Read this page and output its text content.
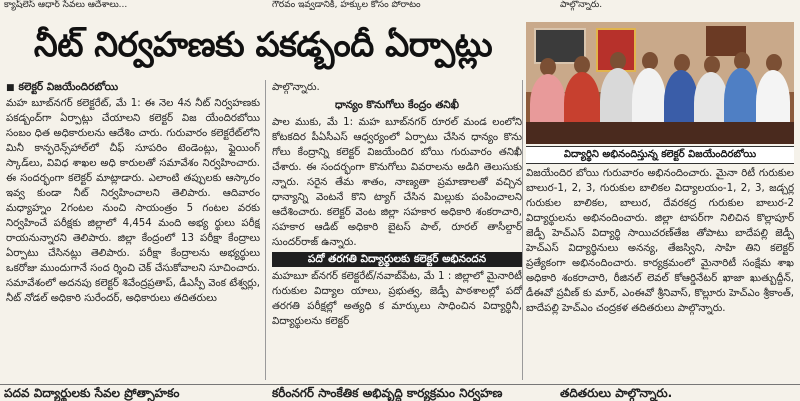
క్యాష్‌లెస్ ఆధార్ సేవలు ఆదేశాలు...	గౌరవం ఇవ్వడానికి, హక్కుల కోసం పోరాటం	పాల్గొన్నారు.
నీట్ నిర్వహణకు పకడ్బందీ ఏర్పాట్లు
■ కలెక్టర్ విజయేందిరబోయి
మహ బూబ్‌నగర్ కలెక్టరేట్, మే 1: ఈ నెల 4న నీట్ నిర్వహణకు పకడ్బంద్‌గా ఏర్పాట్లు చేయాలని కలెక్టర్ విజ యేందిరబోయి సంబం ధిత అధికారులను ఆదేశిం చారు. గురువారం కలెక్టరేట్‌లోని మినీ కాన్ఫరెన్స్‌హాల్‌లో చీఫ్ సూపరిం టెండెంట్లు, ఫ్లైయింగ్ స్కాడ్‌లు, వివిధ శాఖల అధి కారులతో సమావేశం నిర్వహించారు. ఈ సందర్భంగా కలెక్టర్ మాట్లాడారు. ఎలాంటి తప్పులకు ఆస్కారం ఇవ్వ కుండా నీట్ నిర్వహించాలని తెలిపారు. ఆదివారం మధ్యాహ్నం 2గంటల నుంచి సాయంత్రం 5 గంటల వరకు నిర్వహించే పరీక్షకు జిల్లాలో 4,454 మంది అభ్య ర్థులు పరీక్ష రాయనున్నారని తెలిపారు. జిల్లా కేంద్రంలో 13 పరీక్షా కేంద్రాలు ఏర్పాటు చేసినట్లు తెలిపారు. పరీక్షా కేంద్రాలను అభ్యర్థులు ఒకరోజు ముందుగానే సంద ర్శించి చెక్ చేసుకోవాలని సూచించారు. సమావేశంలో అదనపు కలెక్టర్ శివేంద్రప్రతాప్, డీఎస్పీ వెంక టేశ్వర్లు, నీట్ నోడల్ అధికారి సురేందర్, అధికారులు తదితరులు
పాల్గొన్నారు.
ధాన్యం కొనుగోలు కేంద్రం తనిఖీ
పాల ముకు, మే 1: మహ బూబ్‌నగర్ రూరల్ మండ లంలోని కోటకదిర పీఏసీఎస్ ఆధ్వర్యంలో ఏర్పాటు చేసిన ధాన్యం కొను గోలు కేంద్రాన్ని కలెక్టర్ విజయేందిర బోయి గురువారం తనిఖీ చేశారు. ఈ సందర్భంగా కొనుగోలు వివరాలను అడిగి తెలుసుకు న్నారు. సరైన తేమ శాతం, నాణ్యతా ప్రమాణాలతో వచ్చిన ధాన్యాన్ని వెంటనే కొని ట్యాగ్ చేసిన మిల్లుకు పంపించాలని ఆదేశించారు. కలెక్టర్ వెంట జిల్లా సహకార అధికారి శంకరాచారి, సహకార ఆడిట్ అధికారి బైటస్ పాల్, రూరల్ తాసీల్దార్ సుందర్‌రాజ్ ఉన్నారు.
పదో తరగతి విద్యార్థులకు కలెక్టర్ అభినందన
మహబూ బ్‌నగర్ కలెక్టరేట్/నవాబ్‌పేట, మే 1 : జిల్లాలో మైనారిటీ గురుకుల విద్యాల యాలు, ప్రభుత్వ, జెడ్పీ పాఠశాలల్లో పదో తరగతి పరీక్షల్లో అత్యధి క మార్కులు సాధించిన విద్యార్థినీ, విద్యార్థులను కలెక్టర్
విద్యార్థిని అభినందిస్తున్న కలెక్టర్ విజయేందిరబోయి
విజయేందిర బోయి గురువారం అభినందించారు. మైనా రిటీ గురుకుల బాలుర-1, 2, 3, గురుకుల బాలికల విద్యాలయం-1, 2, 3, జడ్చర్ల గురుకుల బాలికల, బాలుర, దేవరకద్ర గురుకుల బాలుర-2 విద్యార్థులను అభినందించారు. జిల్లా టాపర్‌గా నిలిచిన కొల్లాపూర్ జెడ్పీ హెచ్‌ఎస్ విద్యార్థి సాయిచరణ్‌తేజ తోపాటు బాదేపల్లి జెడ్పీ హెచ్‌ఎస్ విద్యార్థినులు అనన్య, తేజస్విని, సాహి తిని కలెక్టర్ ప్రత్యేకంగా అభినందించారు. కార్యక్రమంలో మైనారిటీ సంక్షేమ శాఖ అధికారి శంకరాచారి, రీజినల్ లెవల్ కోఆర్డినేటర్ ఖాజా ఖుత్బుద్దీన్, డీఈవో ప్రవీణ్ కు మార్, ఎంఈవో శ్రీనివాస్, కొల్లూరు హెచ్‌ఎం శ్రీకాంత్, బాదేపల్లి హెచ్‌ఎం చంద్రకళ తదితరులు పాల్గొన్నారు.
పదవ విద్యార్థులకు సేవల ప్రోత్సాహకం	కరీంనగర్ సాంకేతిక అభివృద్ధి కార్యక్రమం నిర్వహణ	తదితరులు పాల్గొన్నారు.
